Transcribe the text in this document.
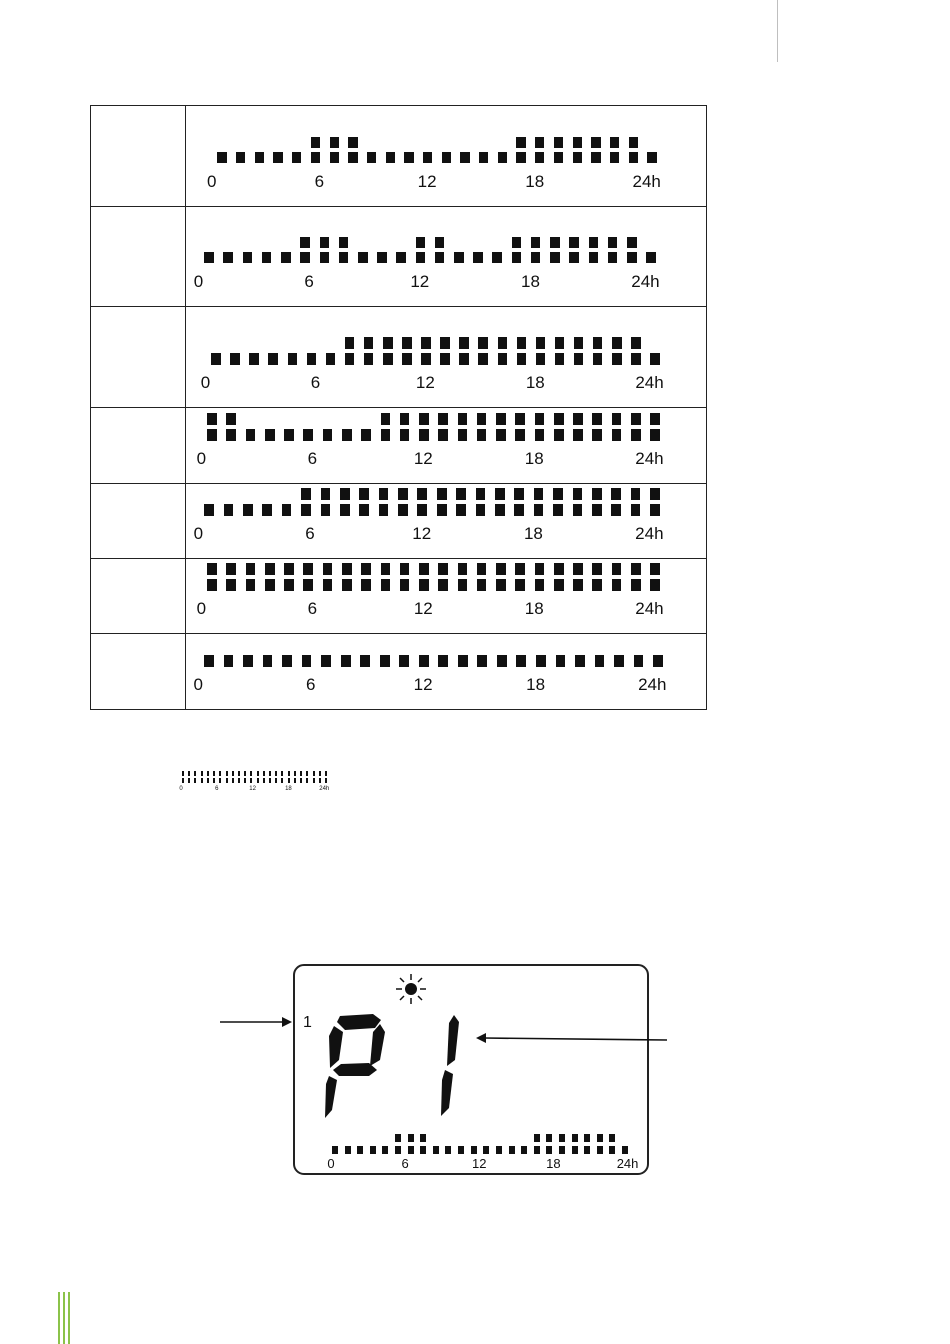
0	6	12	18	24h
0	6	12	18	24h
0	6	12	18	24h
0	6	12	18	24h
0	6	12	18	24h
0	6	12	18	24h
0	6	12	18	24h
0	6	12	18	24h
P1
0	6	12	18	24h
1
